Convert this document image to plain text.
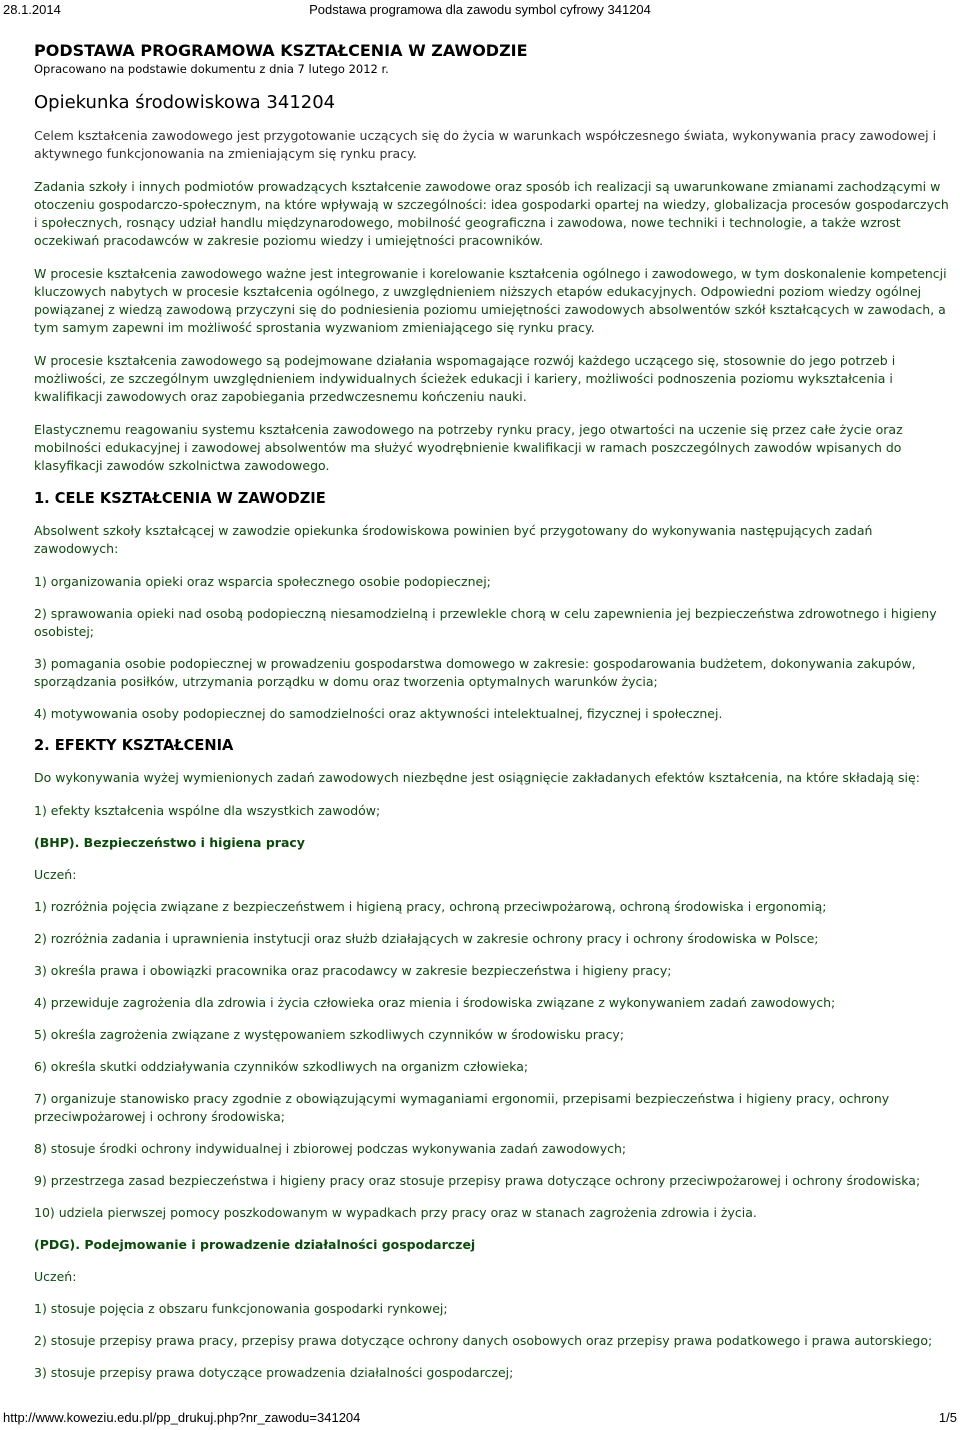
28.1.2014	Podstawa programowa dla zawodu symbol cyfrowy 341204
PODSTAWA PROGRAMOWA KSZTAŁCENIA W ZAWODZIE

Opracowano na podstawie dokumentu z dnia 7 lutego 2012 r.

Opiekunka środowiskowa 341204

Celem kształcenia zawodowego jest przygotowanie uczących się do życia w warunkach współczesnego świata, wykonywania pracy zawodowej i aktywnego funkcjonowania na zmieniającym się rynku pracy.

Zadania szkoły i innych podmiotów prowadzących kształcenie zawodowe oraz sposób ich realizacji są uwarunkowane zmianami zachodzącymi w otoczeniu gospodarczo-społecznym, na które wpływają w szczególności: idea gospodarki opartej na wiedzy, globalizacja procesów gospodarczych i społecznych, rosnący udział handlu międzynarodowego, mobilność geograficzna i zawodowa, nowe techniki i technologie, a także wzrost oczekiwań pracodawców w zakresie poziomu wiedzy i umiejętności pracowników.

W procesie kształcenia zawodowego ważne jest integrowanie i korelowanie kształcenia ogólnego i zawodowego, w tym doskonalenie kompetencji kluczowych nabytych w procesie kształcenia ogólnego, z uwzględnieniem niższych etapów edukacyjnych. Odpowiedni poziom wiedzy ogólnej powiązanej z wiedzą zawodową przyczyni się do podniesienia poziomu umiejętności zawodowych absolwentów szkół kształcących w zawodach, a tym samym zapewni im możliwość sprostania wyzwaniom zmieniającego się rynku pracy.

W procesie kształcenia zawodowego są podejmowane działania wspomagające rozwój każdego uczącego się, stosownie do jego potrzeb i możliwości, ze szczególnym uwzględnieniem indywidualnych ścieżek edukacji i kariery, możliwości podnoszenia poziomu wykształcenia i kwalifikacji zawodowych oraz zapobiegania przedwczesnemu kończeniu nauki.

Elastycznemu reagowaniu systemu kształcenia zawodowego na potrzeby rynku pracy, jego otwartości na uczenie się przez całe życie oraz mobilności edukacyjnej i zawodowej absolwentów ma służyć wyodrębnienie kwalifikacji w ramach poszczególnych zawodów wpisanych do klasyfikacji zawodów szkolnictwa zawodowego.

1. CELE KSZTAŁCENIA W ZAWODZIE

Absolwent szkoły kształcącej w zawodzie opiekunka środowiskowa powinien być przygotowany do wykonywania następujących zadań zawodowych:

1) organizowania opieki oraz wsparcia społecznego osobie podopiecznej;

2) sprawowania opieki nad osobą podopieczną niesamodzielną i przewlekle chorą w celu zapewnienia jej bezpieczeństwa zdrowotnego i higieny osobistej;

3) pomagania osobie podopiecznej w prowadzeniu gospodarstwa domowego w zakresie: gospodarowania budżetem, dokonywania zakupów, sporządzania posiłków, utrzymania porządku w domu oraz tworzenia optymalnych warunków życia;

4) motywowania osoby podopiecznej do samodzielności oraz aktywności intelektualnej, fizycznej i społecznej.

2. EFEKTY KSZTAŁCENIA

Do wykonywania wyżej wymienionych zadań zawodowych niezbędne jest osiągnięcie zakładanych efektów kształcenia, na które składają się:

1) efekty kształcenia wspólne dla wszystkich zawodów;

(BHP). Bezpieczeństwo i higiena pracy

Uczeń:

1) rozróżnia pojęcia związane z bezpieczeństwem i higieną pracy, ochroną przeciwpożarową, ochroną środowiska i ergonomią;

2) rozróżnia zadania i uprawnienia instytucji oraz służb działających w zakresie ochrony pracy i ochrony środowiska w Polsce;

3) określa prawa i obowiązki pracownika oraz pracodawcy w zakresie bezpieczeństwa i higieny pracy;

4) przewiduje zagrożenia dla zdrowia i życia człowieka oraz mienia i środowiska związane z wykonywaniem zadań zawodowych;

5) określa zagrożenia związane z występowaniem szkodliwych czynników w środowisku pracy;

6) określa skutki oddziaływania czynników szkodliwych na organizm człowieka;

7) organizuje stanowisko pracy zgodnie z obowiązującymi wymaganiami ergonomii, przepisami bezpieczeństwa i higieny pracy, ochrony przeciwpożarowej i ochrony środowiska;

8) stosuje środki ochrony indywidualnej i zbiorowej podczas wykonywania zadań zawodowych;

9) przestrzega zasad bezpieczeństwa i higieny pracy oraz stosuje przepisy prawa dotyczące ochrony przeciwpożarowej i ochrony środowiska;

10) udziela pierwszej pomocy poszkodowanym w wypadkach przy pracy oraz w stanach zagrożenia zdrowia i życia.

(PDG). Podejmowanie i prowadzenie działalności gospodarczej

Uczeń:

1) stosuje pojęcia z obszaru funkcjonowania gospodarki rynkowej;

2) stosuje przepisy prawa pracy, przepisy prawa dotyczące ochrony danych osobowych oraz przepisy prawa podatkowego i prawa autorskiego;

3) stosuje przepisy prawa dotyczące prowadzenia działalności gospodarczej;

http://www.koweziu.edu.pl/pp_drukuj.php?nr_zawodu=341204	1/5
